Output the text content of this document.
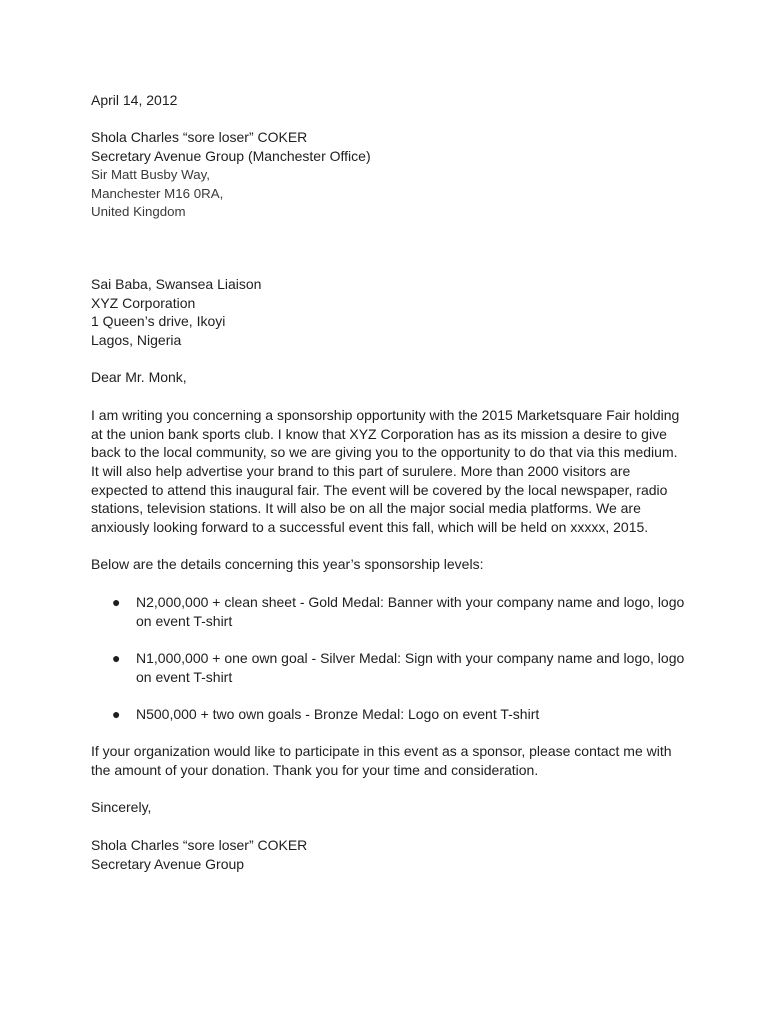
April 14, 2012
Shola Charles “sore loser” COKER
Secretary Avenue Group (Manchester Office)
Sir Matt Busby Way,
Manchester M16 0RA,
United Kingdom
Sai Baba, Swansea Liaison
XYZ Corporation
1 Queen’s drive, Ikoyi
Lagos, Nigeria
Dear Mr. Monk,
I am writing you concerning a sponsorship opportunity with the 2015 Marketsquare Fair holding
at the union bank sports club. I know that XYZ Corporation has as its mission a desire to give
back to the local community, so we are giving you to the opportunity to do that via this medium.
It will also help advertise your brand to this part of surulere. More than 2000 visitors are
expected to attend this inaugural fair. The event will be covered by the local newspaper, radio
stations, television stations. It will also be on all the major social media platforms. We are
anxiously looking forward to a successful event this fall, which will be held on xxxxx, 2015.
Below are the details concerning this year’s sponsorship levels:
● N2,000,000 + clean sheet - Gold Medal: Banner with your company name and logo, logo
on event T-shirt
● N1,000,000 + one own goal - Silver Medal: Sign with your company name and logo, logo
on event T-shirt
● N500,000 + two own goals - Bronze Medal: Logo on event T-shirt
If your organization would like to participate in this event as a sponsor, please contact me with
the amount of your donation. Thank you for your time and consideration.
Sincerely,
Shola Charles “sore loser” COKER
Secretary Avenue Group
